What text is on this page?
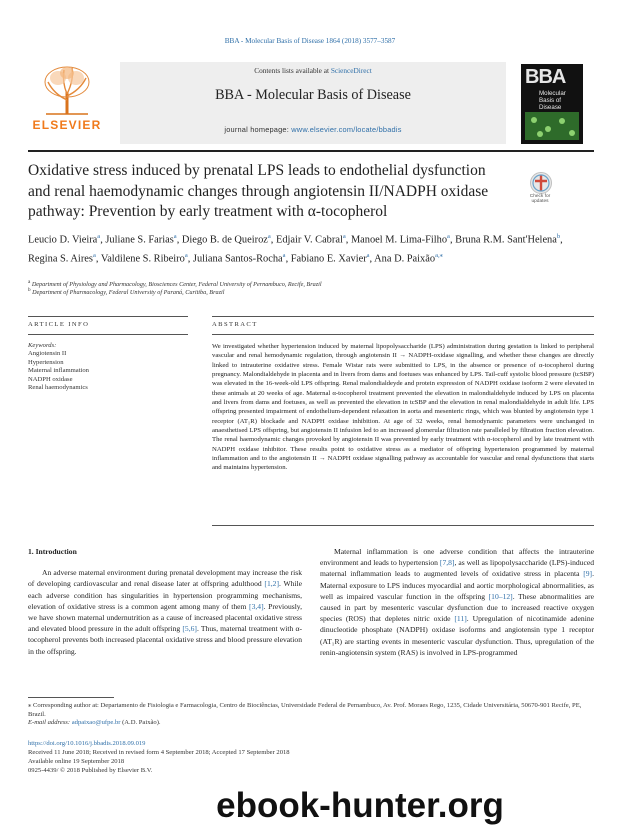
BBA - Molecular Basis of Disease 1864 (2018) 3577–3587
ELSEVIER
Contents lists available at ScienceDirect
BBA - Molecular Basis of Disease
journal homepage: www.elsevier.com/locate/bbadis
BBA
Molecular
Basis of
Disease
Oxidative stress induced by prenatal LPS leads to endothelial dysfunction and renal haemodynamic changes through angiotensin II/NADPH oxidase pathway: Prevention by early treatment with α-tocopherol
Check for updates
Leucio D. Vieira$^a$, Juliane S. Farias$^a$, Diego B. de Queiroz$^a$, Edjair V. Cabral$^a$, Manoel M. Lima-Filho$^a$, Bruna R.M. Sant'Helena$^b$, Regina S. Aires$^a$, Valdilene S. Ribeiro$^a$, Juliana Santos-Rocha$^a$, Fabiano E. Xavier$^a$, Ana D. Paixão$^{a,⁎}$
$^a$ Department of Physiology and Pharmacology, Biosciences Center, Federal University of Pernambuco, Recife, Brazil
$^b$ Department of Pharmacology, Federal University of Paraná, Curitiba, Brazil
ARTICLE INFO	ABSTRACT
Keywords:
Angiotensin II
Hypertension
Maternal inflammation
NADPH oxidase
Renal haemodynamics
We investigated whether hypertension induced by maternal lipopolysaccharide (LPS) administration during gestation is linked to peripheral vascular and renal hemodynamic regulation, through angiotensin II → NADPH-oxidase signalling, and whether these changes are directly linked to intrauterine oxidative stress. Female Wistar rats were submitted to LPS, in the absence or presence of α-tocopherol during pregnancy. Malondialdehyde in placenta and in livers from dams and foetuses was enhanced by LPS. Tail-cuff systolic blood pressure (tcSBP) was elevated in the 16-week-old LPS offspring. Renal malondialdeyde and protein expression of NADPH oxidase isoform 2 were elevated in these animals at 20 weeks of age. Maternal α-tocopherol treatment prevented the elevation in malondialdehyde induced by LPS on placenta and livers from dams and foetuses, as well as prevented the elevation in tcSBP and the elevation in renal malondialdehyde in adult life. LPS offspring presented impairment of endothelium-dependent relaxation in aorta and mesenteric rings, which was blunted by angiotensin type 1 receptor (AT₁R) blockade and NADPH oxidase inhibition. At age of 32 weeks, renal hemodynamic parameters were unchanged in anaesthetised LPS offspring, but angiotensin II infusion led to an increased glomerular filtration rate paralleled by filtration fraction elevation. The renal haemodynamic changes provoked by angiotensin II was prevented by early treatment with α-tocopherol and by late treatment with NADPH oxidase inhibitor. These results point to oxidative stress as a mediator of offspring hypertension programmed by maternal inflammation and to the angiotensin II → NADPH oxidase signalling pathway as accountable for vascular and renal dysfunctions that starts and maintains hypertension.
1. Introduction

An adverse maternal environment during prenatal development may increase the risk of developing cardiovascular and renal disease later at offspring adulthood [1,2]. While each adverse condition has singularities in hypertension programming mechanisms, elevation of oxidative stress is a common agent among many of them [3,4]. Previously, we have shown maternal undernutrition as a cause of increased placental oxidative stress and elevated blood pressure in the adult offspring [5,6]. Thus, maternal treatment with α-tocopherol prevents both increased placental oxidative stress and blood pressure elevation in the offspring.

Maternal inflammation is one adverse condition that affects the intrauterine environment and leads to hypertension [7,8], as well as lipopolysaccharide (LPS)-induced maternal inflammation leads to augmented levels of oxidative stress in placenta [9]. Maternal exposure to LPS induces myocardial and aortic morphological abnormalities, as well as impaired vascular function in the offspring [10–12]. These abnormalities are caused in part by mesenteric vascular dysfunction due to increased reactive oxygen species (ROS) that depletes nitric oxide [11]. Upregulation of nicotinamide adenine dinucleotide phosphate (NADPH) oxidase isoforms and angiotensin type 1 receptor (AT₁R) are starting events in mesenteric vascular dysfunction. Thus, upregulation of the renin-angiotensin system (RAS) is involved in LPS-programmed

⁎ Corresponding author at: Departamento de Fisiologia e Farmacologia, Centro de Biociências, Universidade Federal de Pernambuco, Av. Prof. Moraes Rego, 1235, Cidade Universitária, 50670-901 Recife, PE, Brazil.
E-mail address: adpaixao@ufpe.br (A.D. Paixão).
https://doi.org/10.1016/j.bbadis.2018.09.019
Received 11 June 2018; Received in revised form 4 September 2018; Accepted 17 September 2018
Available online 19 September 2018
0925-4439/ © 2018 Published by Elsevier B.V.
ebook-hunter.org
